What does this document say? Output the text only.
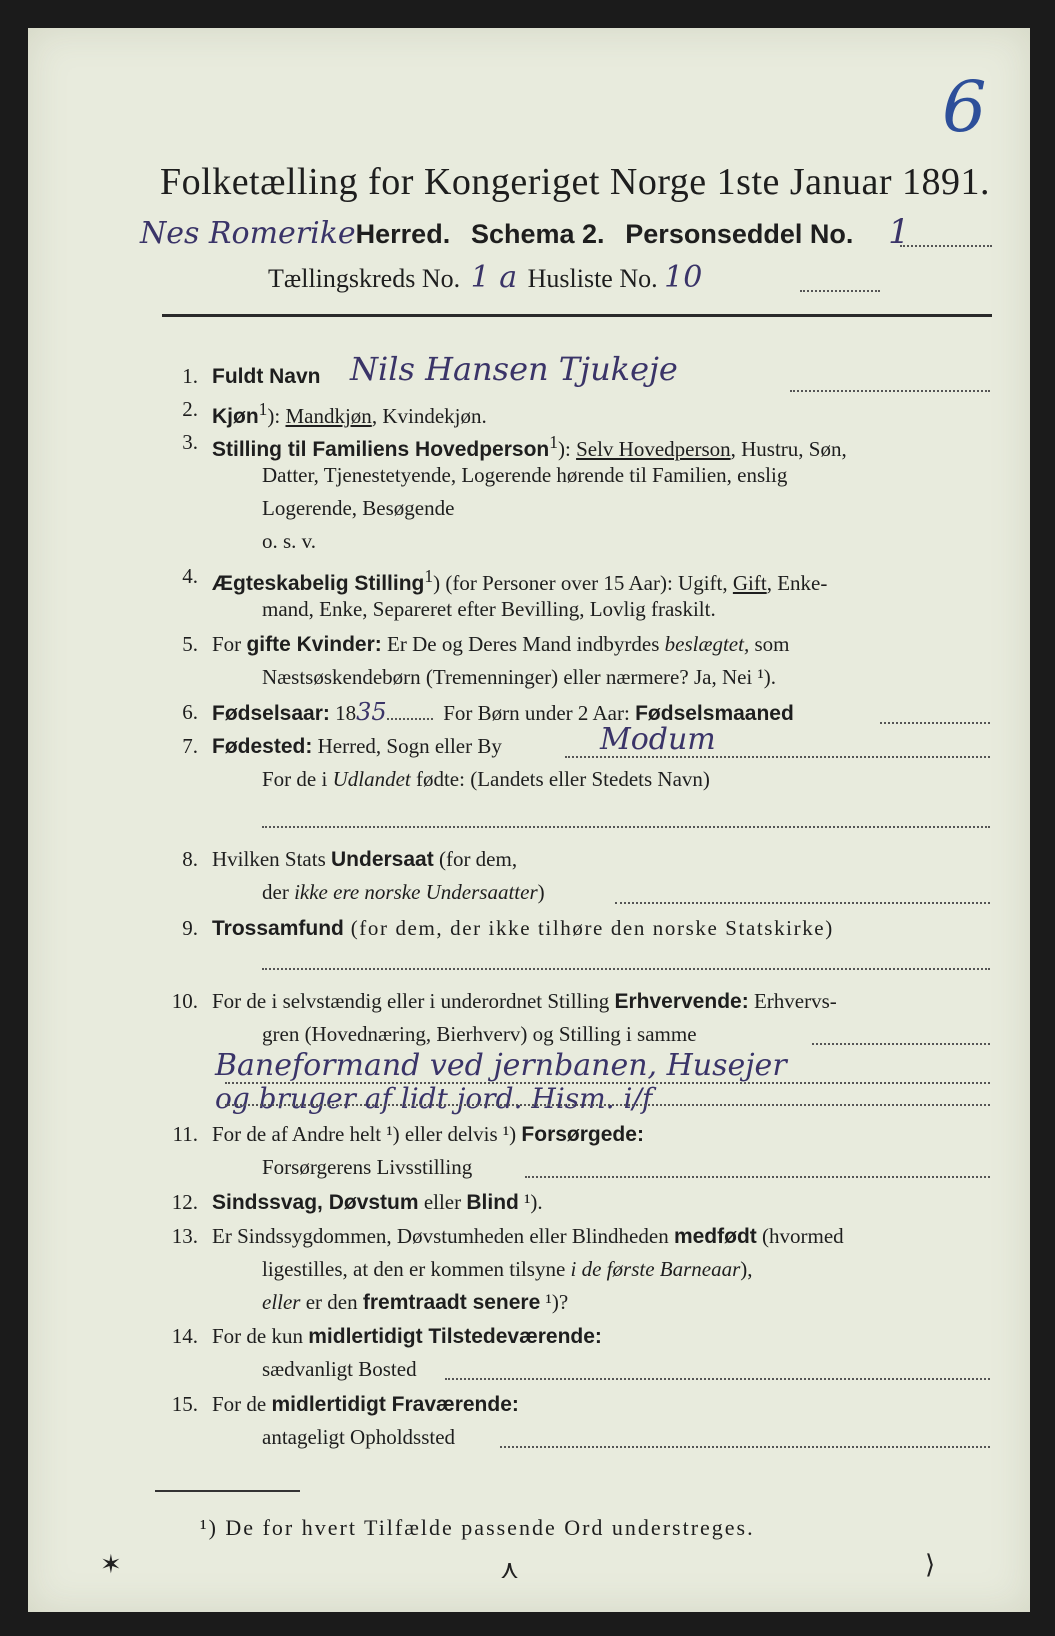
6
Folketælling for Kongeriget Norge 1ste Januar 1891.
Nes RomerikeHerred. Schema 2. Personseddel No. 1
Tællingskreds No. 1 a Husliste No. 10
1. Fuldt Navn Nils Hansen Tjukeje
2. Kjøn$^1$): Mandkjøn, Kvindekjøn.
3. Stilling til Familiens Hovedperson$^1$): Selv Hovedperson, Hustru, Søn,
Datter, Tjenestetyende, Logerende hørende til Familien, enslig
Logerende, Besøgende
o. s. v.
4. Ægteskabelig Stilling$^1$) (for Personer over 15 Aar): Ugift, Gift, Enke-
mand, Enke, Separeret efter Bevilling, Lovlig fraskilt.
5. For gifte Kvinder: Er De og Deres Mand indbyrdes beslægtet, som
Næstsøskendebørn (Tremenninger) eller nærmere? Ja, Nei ¹).
6. Fødselsaar: 1835	For Børn under 2 Aar: Fødselsmaaned
7. Fødested: Herred, Sogn eller By	Modum
For de i Udlandet fødte: (Landets eller Stedets Navn)
8. Hvilken Stats Undersaat (for dem,
der ikke ere norske Undersaatter)
9. Trossamfund (for dem, der ikke tilhøre den norske Statskirke)
10. For de i selvstændig eller i underordnet Stilling Erhvervende: Erhvervs-
gren (Hovednæring, Bierhverv) og Stilling i samme
Baneformand ved jernbanen, Husejer
og bruger af lidt jord. Hism. i/f
11. For de af Andre helt ¹) eller delvis ¹) Forsørgede:
Forsørgerens Livsstilling
12. Sindssvag, Døvstum eller Blind ¹).
13. Er Sindssygdommen, Døvstumheden eller Blindheden medfødt (hvormed
ligestilles, at den er kommen tilsyne i de første Barneaar),
eller er den fremtraadt senere ¹)?
14. For de kun midlertidigt Tilstedeværende:
sædvanligt Bosted
15. For de midlertidigt Fraværende:
antageligt Opholdssted
¹) De for hvert Tilfælde passende Ord understreges.
✶	⋏	⟩
